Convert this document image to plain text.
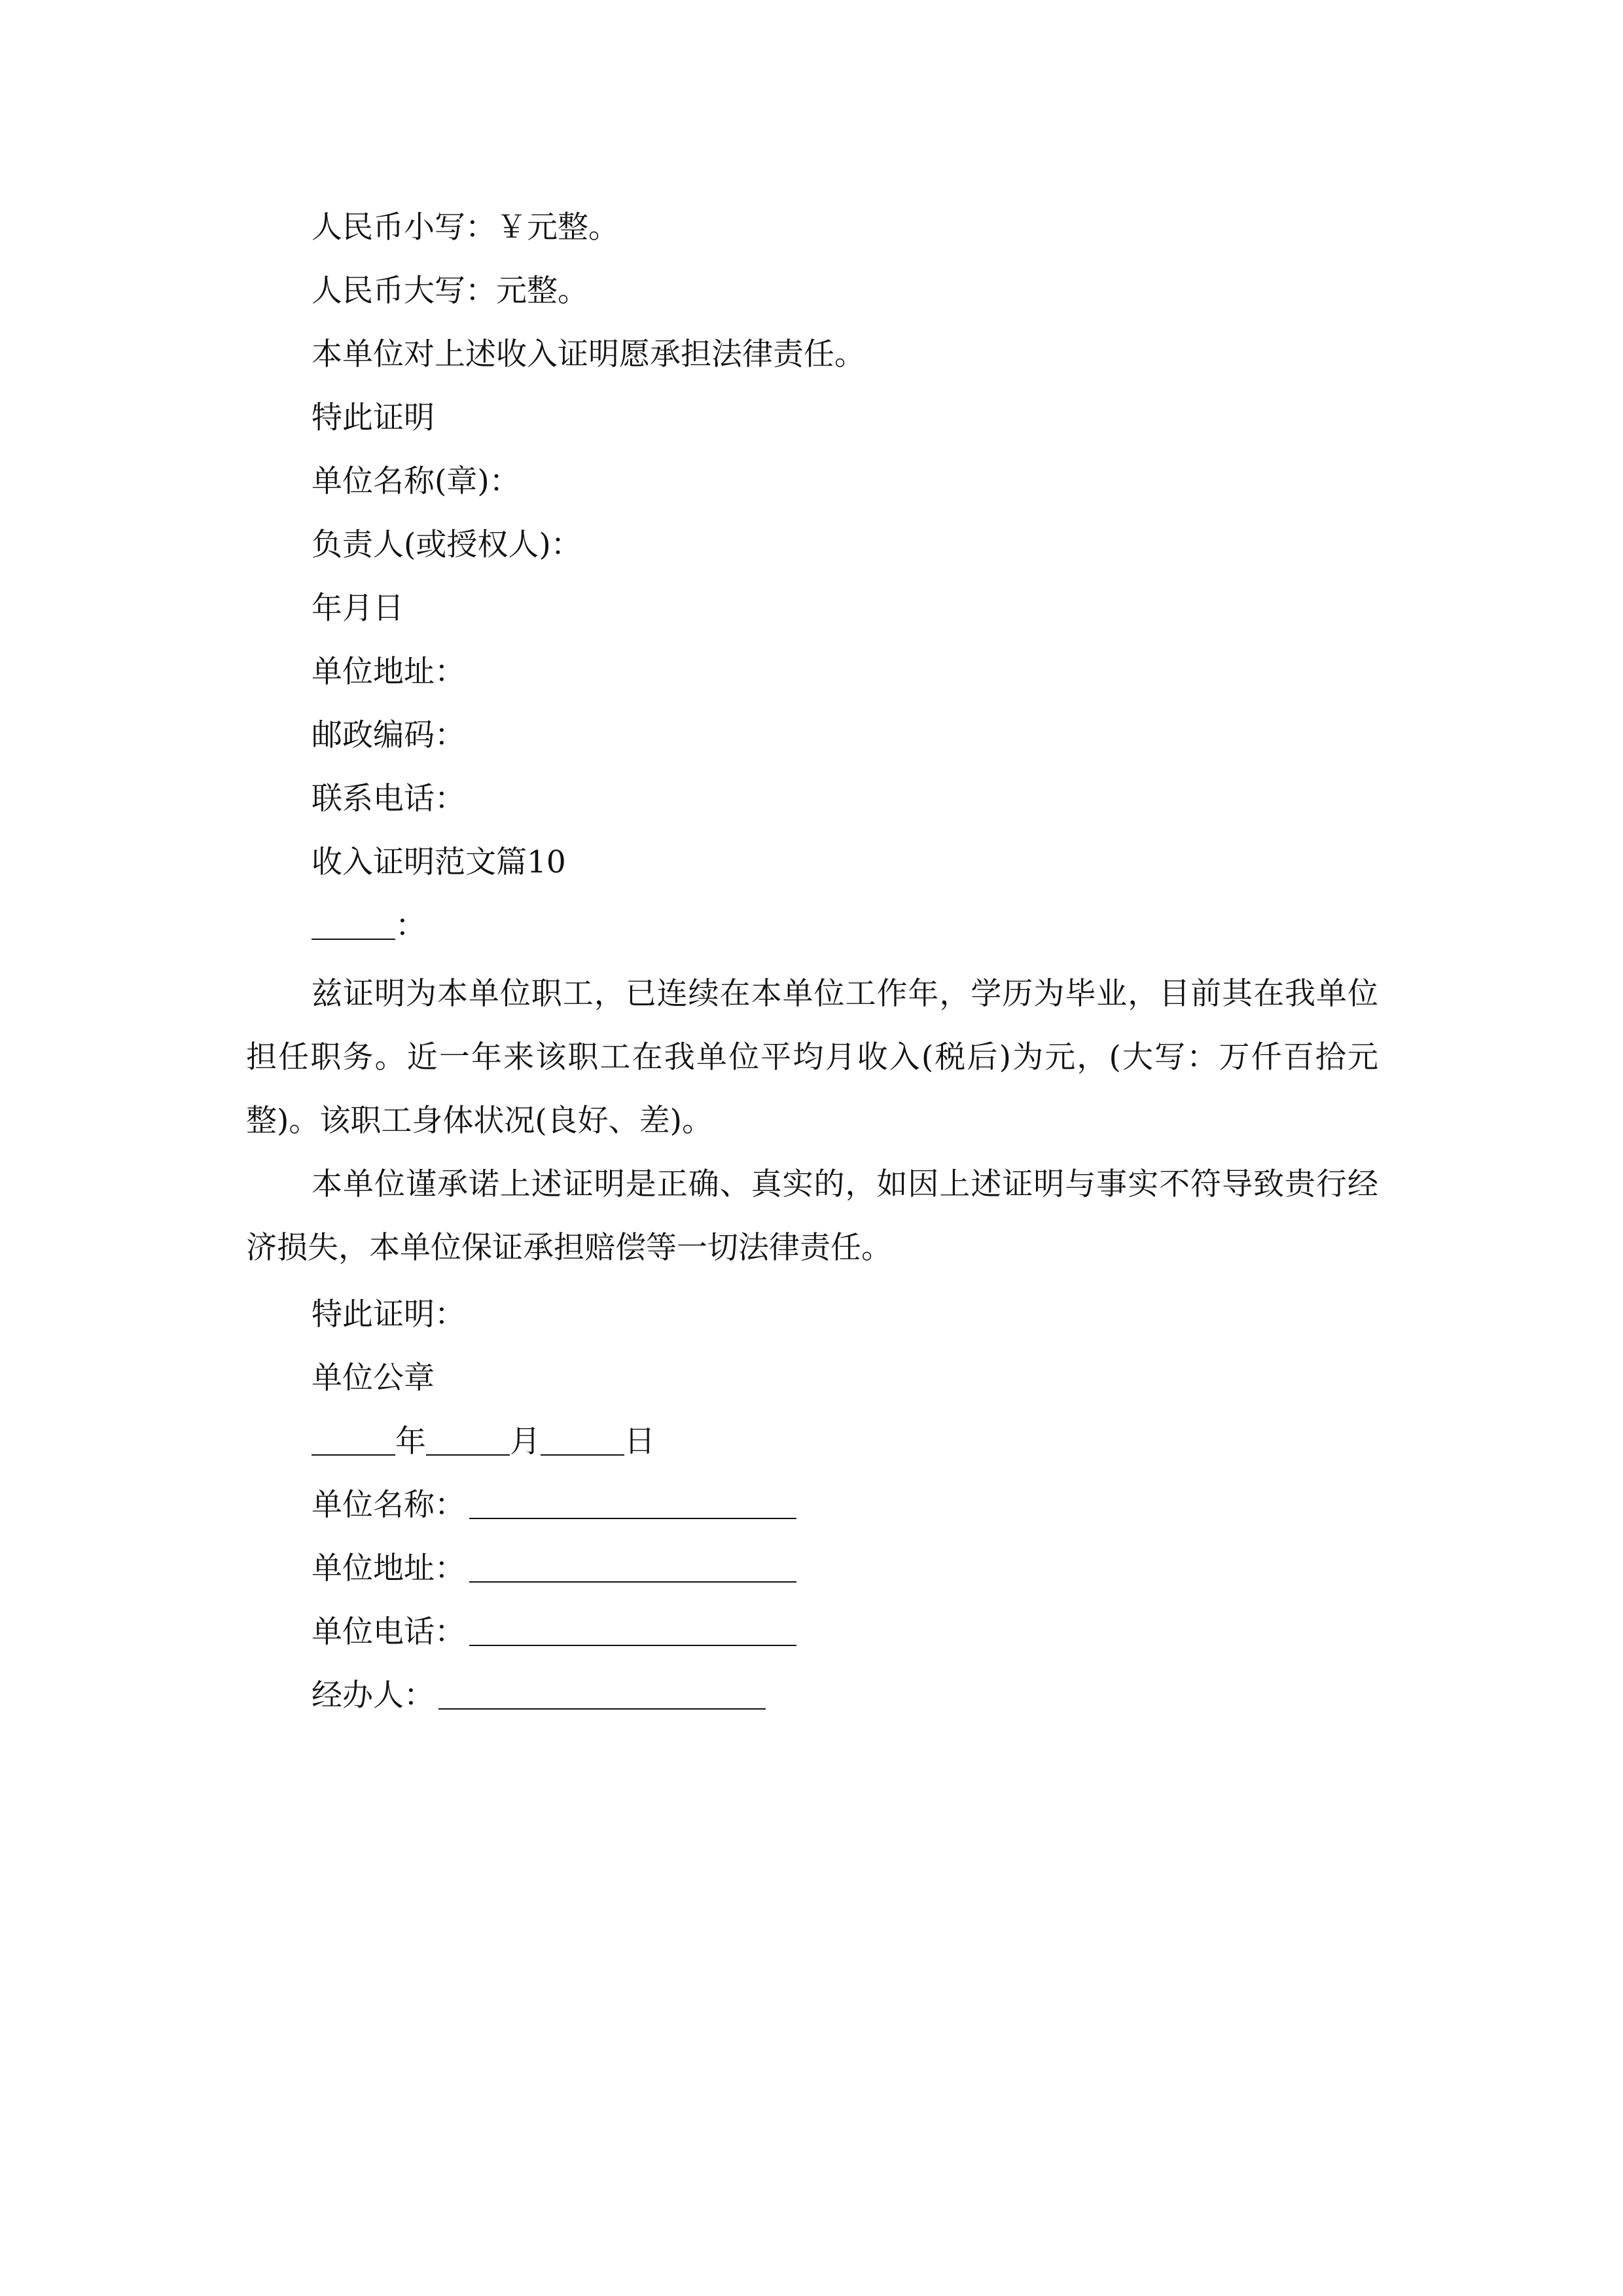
人民币小写：￥元整。
人民币大写：元整。
本单位对上述收入证明愿承担法律责任。
特此证明
单位名称(章)：
负责人(或授权人)：
年月日
单位地址：
邮政编码：
联系电话：
收入证明范文篇10
：
兹证明为本单位职工，已连续在本单位工作年，学历为毕业，目前其在我单位担任职务。近一年来该职工在我单位平均月收入(税后)为元，(大写：万仟百拾元整)。该职工身体状况(良好、差)。
本单位谨承诺上述证明是正确、真实的，如因上述证明与事实不符导致贵行经济损失，本单位保证承担赔偿等一切法律责任。
特此证明：
单位公章
年	月	日
单位名称：
单位地址：
单位电话：
经办人：
